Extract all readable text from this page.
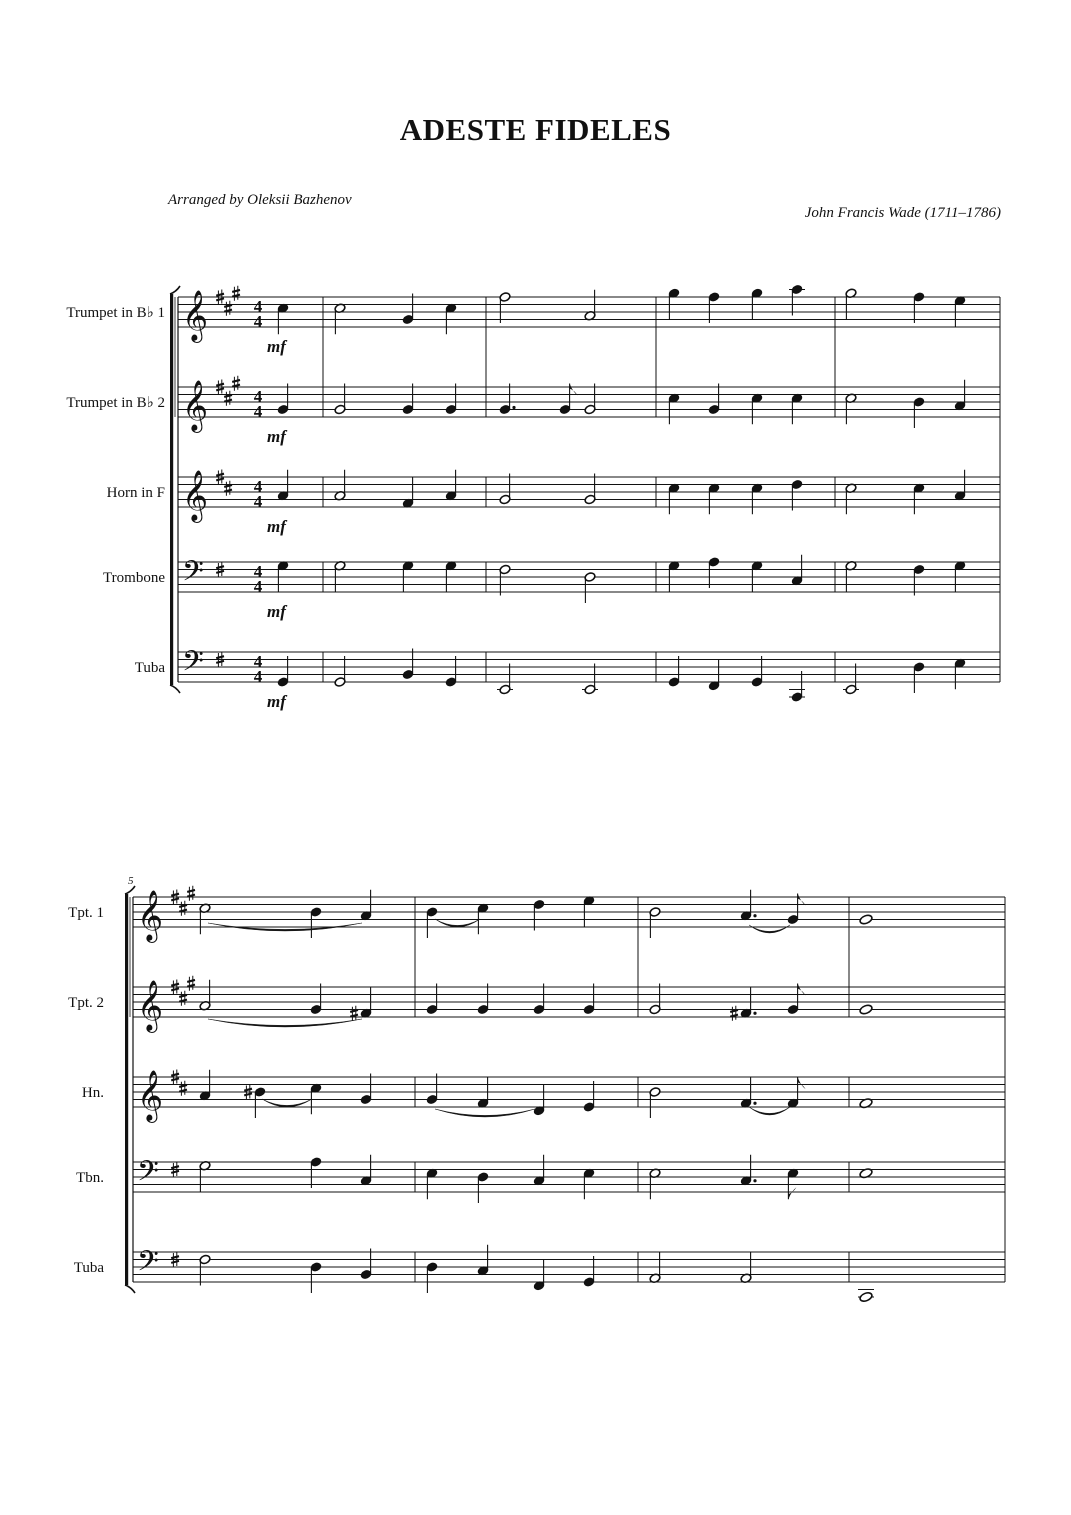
ADESTE FIDELES
Arranged by Oleksii Bazhenov
John Francis Wade (1711–1786)
𝄞	4
4
Trumpet in B♭ 1
𝄞	4
4
Trumpet in B♭ 2
𝄞	4
4
Horn in F
𝄢	4
4
Trombone
𝄢	4
4
Tuba
mf
mf
mf
mf
mf
𝄞
Tpt. 1
𝄞
Tpt. 2
𝄞
Hn.
𝄢
Tbn.
𝄢
Tuba
5
